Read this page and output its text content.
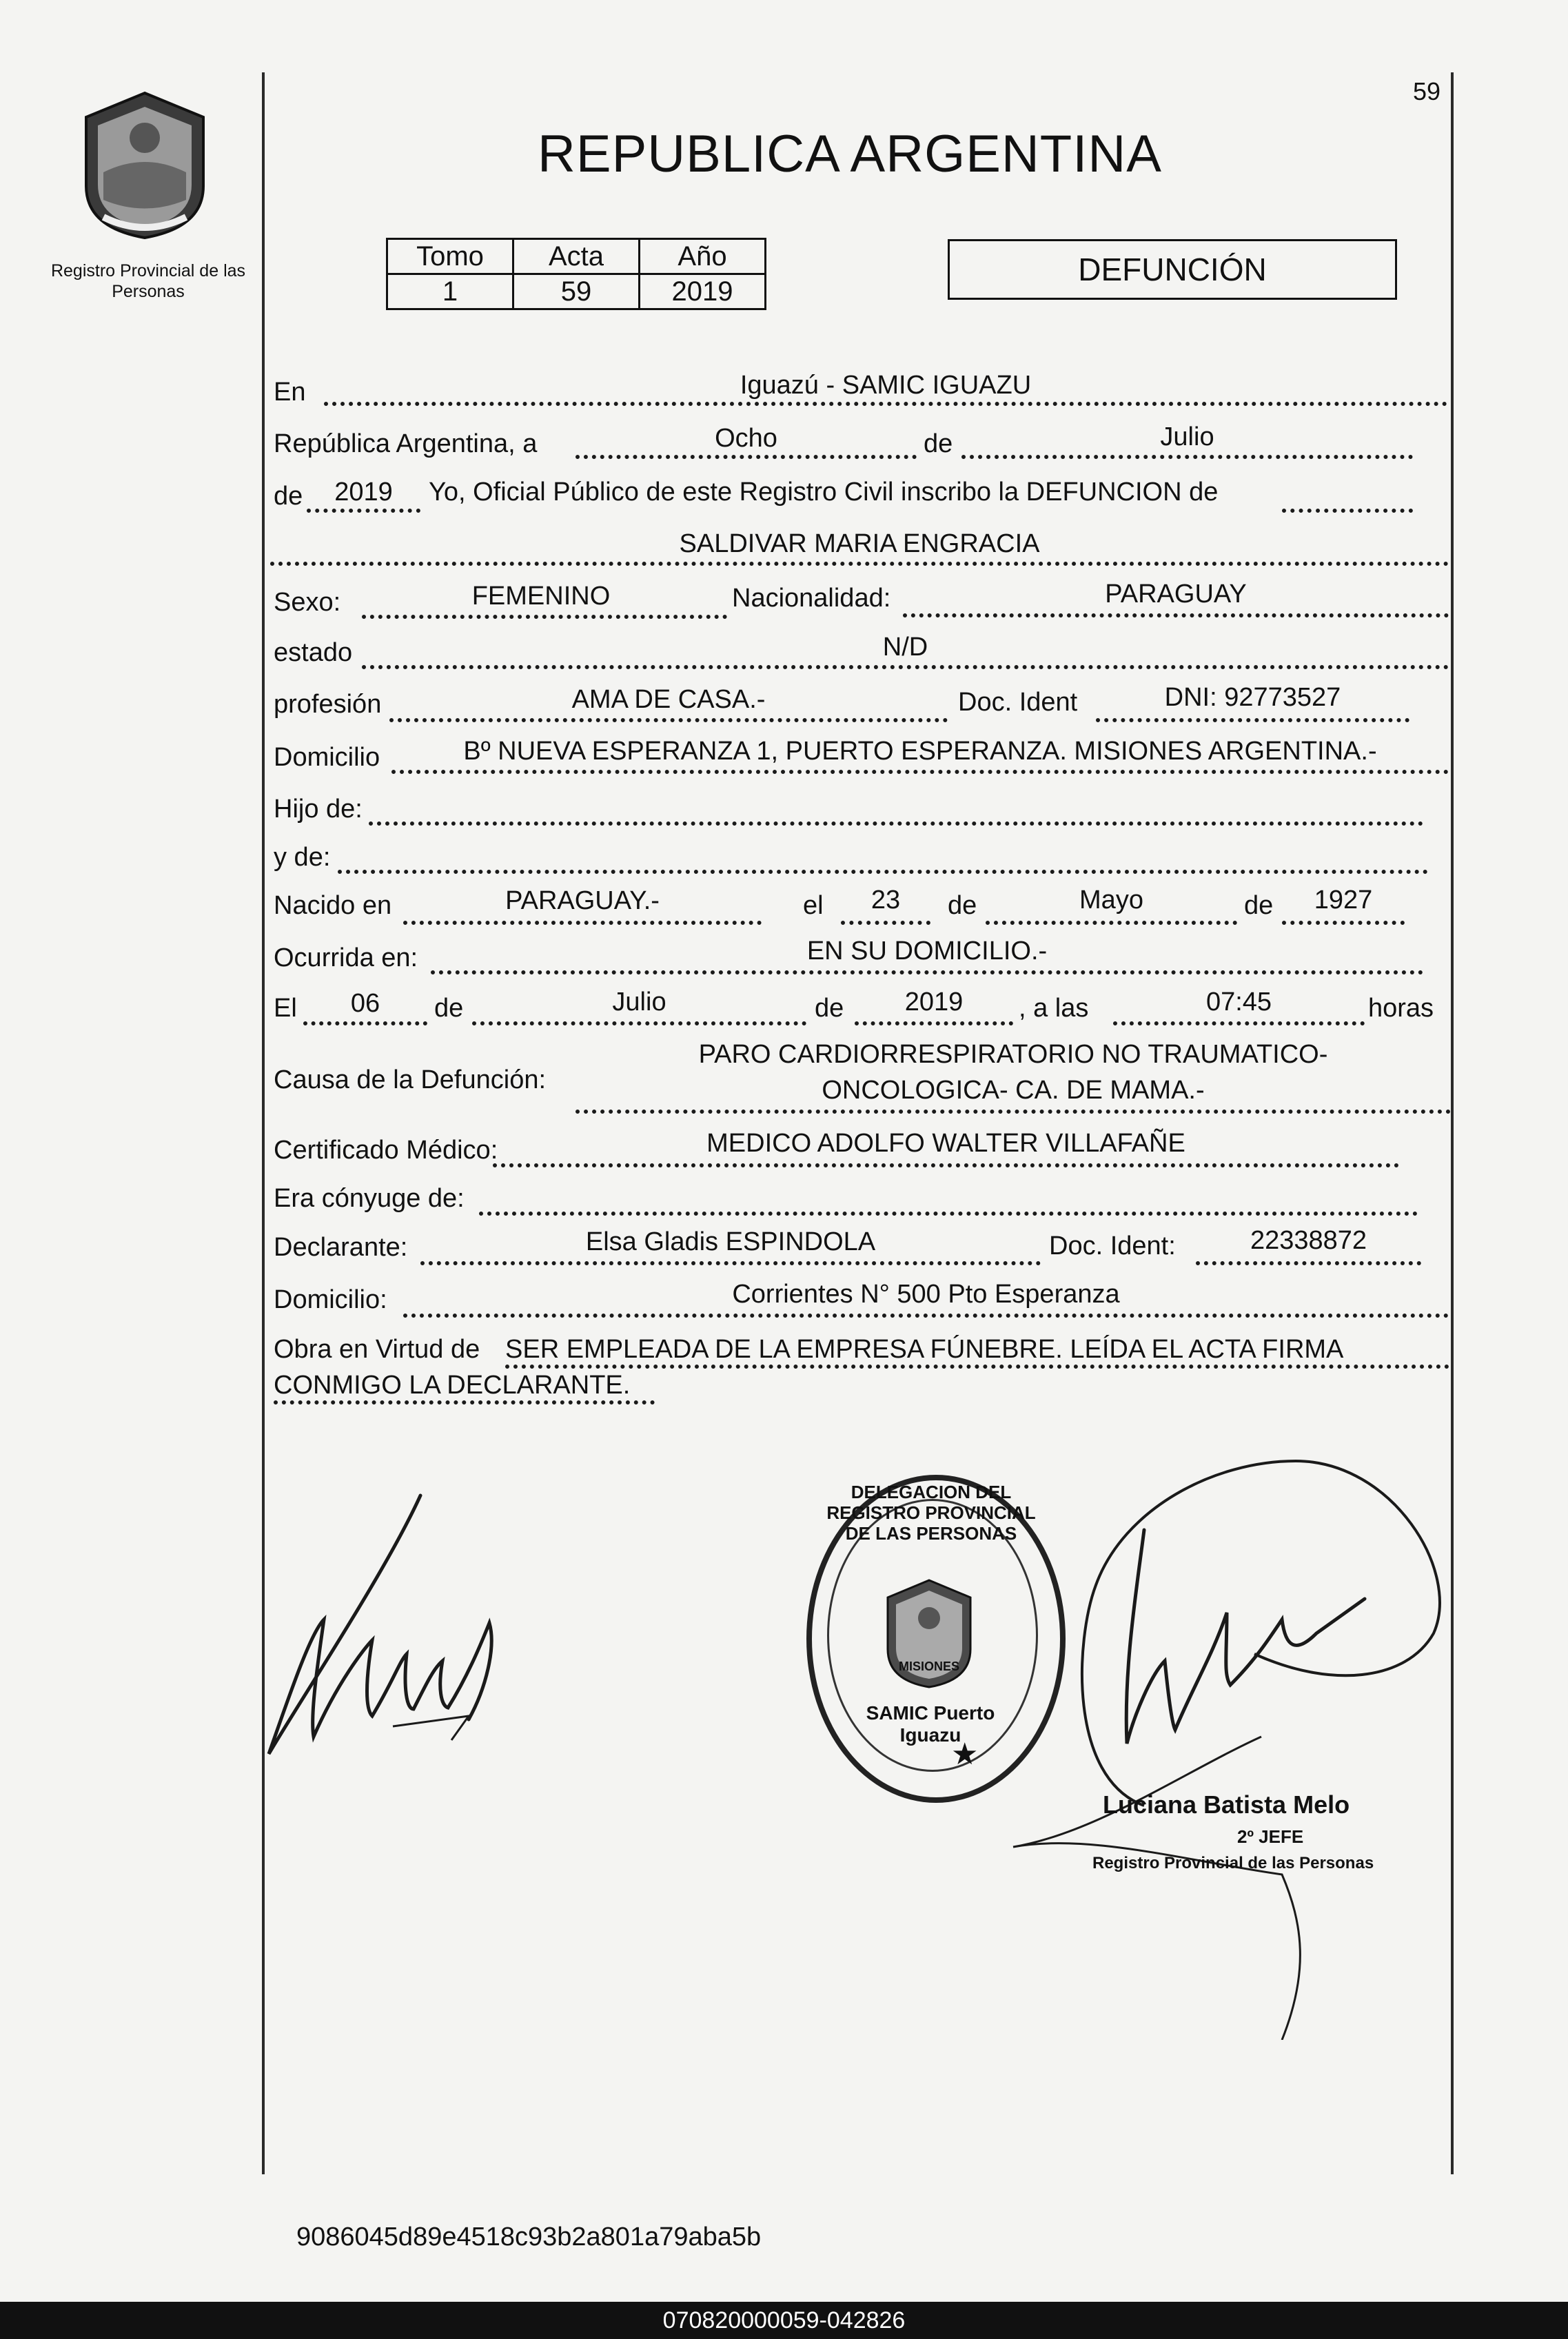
Registro Provincial de las Personas
59
REPUBLICA ARGENTINA
Tomo	Acta	Año
1	59	2019
DEFUNCIÓN
En	Iguazú - SAMIC IGUAZU
República Argentina, a	Ocho	de	Julio
de	2019	Yo, Oficial Público de este Registro Civil inscribo la DEFUNCION de
SALDIVAR MARIA ENGRACIA
Sexo:	FEMENINO	Nacionalidad:	PARAGUAY
estado	N/D
profesión	AMA DE CASA.-	Doc. Ident	DNI: 92773527
Domicilio	Bº NUEVA ESPERANZA 1, PUERTO ESPERANZA. MISIONES ARGENTINA.-
Hijo de:
y de:
Nacido en	PARAGUAY.-	el	23	de	Mayo	de	1927
Ocurrida en:	EN SU DOMICILIO.-
El	06	de	Julio	de	2019	, a las	07:45	horas
Causa de la Defunción:
PARO CARDIORRESPIRATORIO NO TRAUMATICO-
ONCOLOGICA- CA. DE MAMA.-
Certificado Médico:	MEDICO ADOLFO WALTER VILLAFAÑE
Era cónyuge de:
Declarante:	Elsa Gladis ESPINDOLA	Doc. Ident:	22338872
Domicilio:	Corrientes N° 500 Pto Esperanza
Obra en Virtud de SER EMPLEADA DE LA EMPRESA FÚNEBRE. LEÍDA EL ACTA FIRMA
CONMIGO LA DECLARANTE.
DELEGACION DEL REGISTRO PROVINCIAL DE LAS PERSONAS
MISIONES
SAMIC Puerto Iguazu
★
Luciana Batista Melo
2º JEFE
Registro Provincial de las Personas
9086045d89e4518c93b2a801a79aba5b
070820000059-042826
